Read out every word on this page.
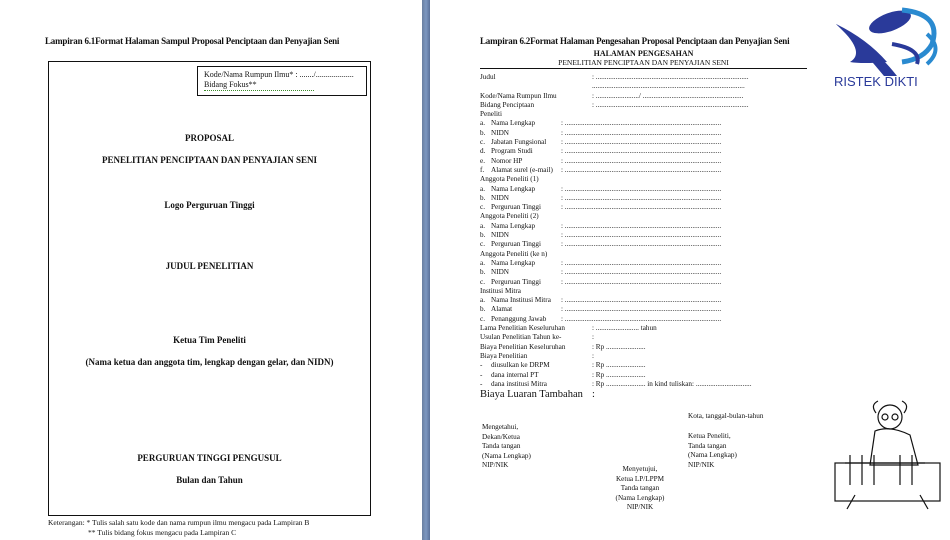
Lampiran 6.1Format Halaman Sampul Proposal Penciptaan dan Penyajian Seni
Kode/Nama Rumpun Ilmu* : ......./...................
Bidang Fokus**
PROPOSAL
PENELITIAN PENCIPTAAN DAN PENYAJIAN SENI
Logo Perguruan Tinggi
JUDUL PENELITIAN
Ketua Tim Peneliti
(Nama ketua dan anggota tim, lengkap dengan gelar, dan NIDN)
PERGURUAN TINGGI PENGUSUL
Bulan dan Tahun
Keterangan: * Tulis salah satu kode dan nama rumpun ilmu mengacu pada Lampiran B
** Tulis bidang fokus mengacu pada Lampiran C
Lampiran 6.2Format Halaman Pengesahan Proposal Penciptaan dan Penyajian Seni
HALAMAN PENGESAHAN
PENELITIAN PENCIPTAAN DAN PENYAJIAN SENI
Judul	: .....................................................................................
.....................................................................................
Kode/Nama Rumpun Ilmu	: ......................../ ........................................................
Bidang Penciptaan	: .....................................................................................
Peneliti
a. Nama Lengkap	: .......................................................................................
b. NIDN	: .......................................................................................
c. Jabatan Fungsional : .......................................................................................
d. Program Studi	: .......................................................................................
e. Nomor HP	: .......................................................................................
f. Alamat surel (e-mail) : .......................................................................................
Anggota Peneliti (1)
a. Nama Lengkap	: .......................................................................................
b. NIDN	: .......................................................................................
c. Perguruan Tinggi	: .......................................................................................
Anggota Peneliti (2)
a. Nama Lengkap	: .......................................................................................
b. NIDN	: .......................................................................................
c. Perguruan Tinggi	: .......................................................................................
Anggota Peneliti (ke n)
a. Nama Lengkap	: .......................................................................................
b. NIDN	: .......................................................................................
c. Perguruan Tinggi	: .......................................................................................
Institusi Mitra
a. Nama Institusi Mitra : .......................................................................................
b. Alamat	: .......................................................................................
c. Penanggung Jawab : .......................................................................................
Lama Penelitian Keseluruhan	: ........................ tahun
Usulan Penelitian Tahun ke-	:
Biaya Penelitian Keseluruhan	: Rp ......................
Biaya Penelitian	:
- diusulkan ke DRPM	: Rp ......................
- dana internal PT	: Rp ......................
- dana institusi Mitra	: Rp ...................... in kind tuliskan: ...............................
Biaya Luaran Tambahan :
Kota, tanggal-bulan-tahun
Mengetahui,
Dekan/Ketua
Tanda tangan
(Nama Lengkap)
NIP/NIK
Ketua Peneliti,
Tanda tangan
(Nama Lengkap)
NIP/NIK
Menyetujui,
Ketua LP/LPPM
Tanda tangan
(Nama Lengkap)
NIP/NIK
RISTEK DIKTI
